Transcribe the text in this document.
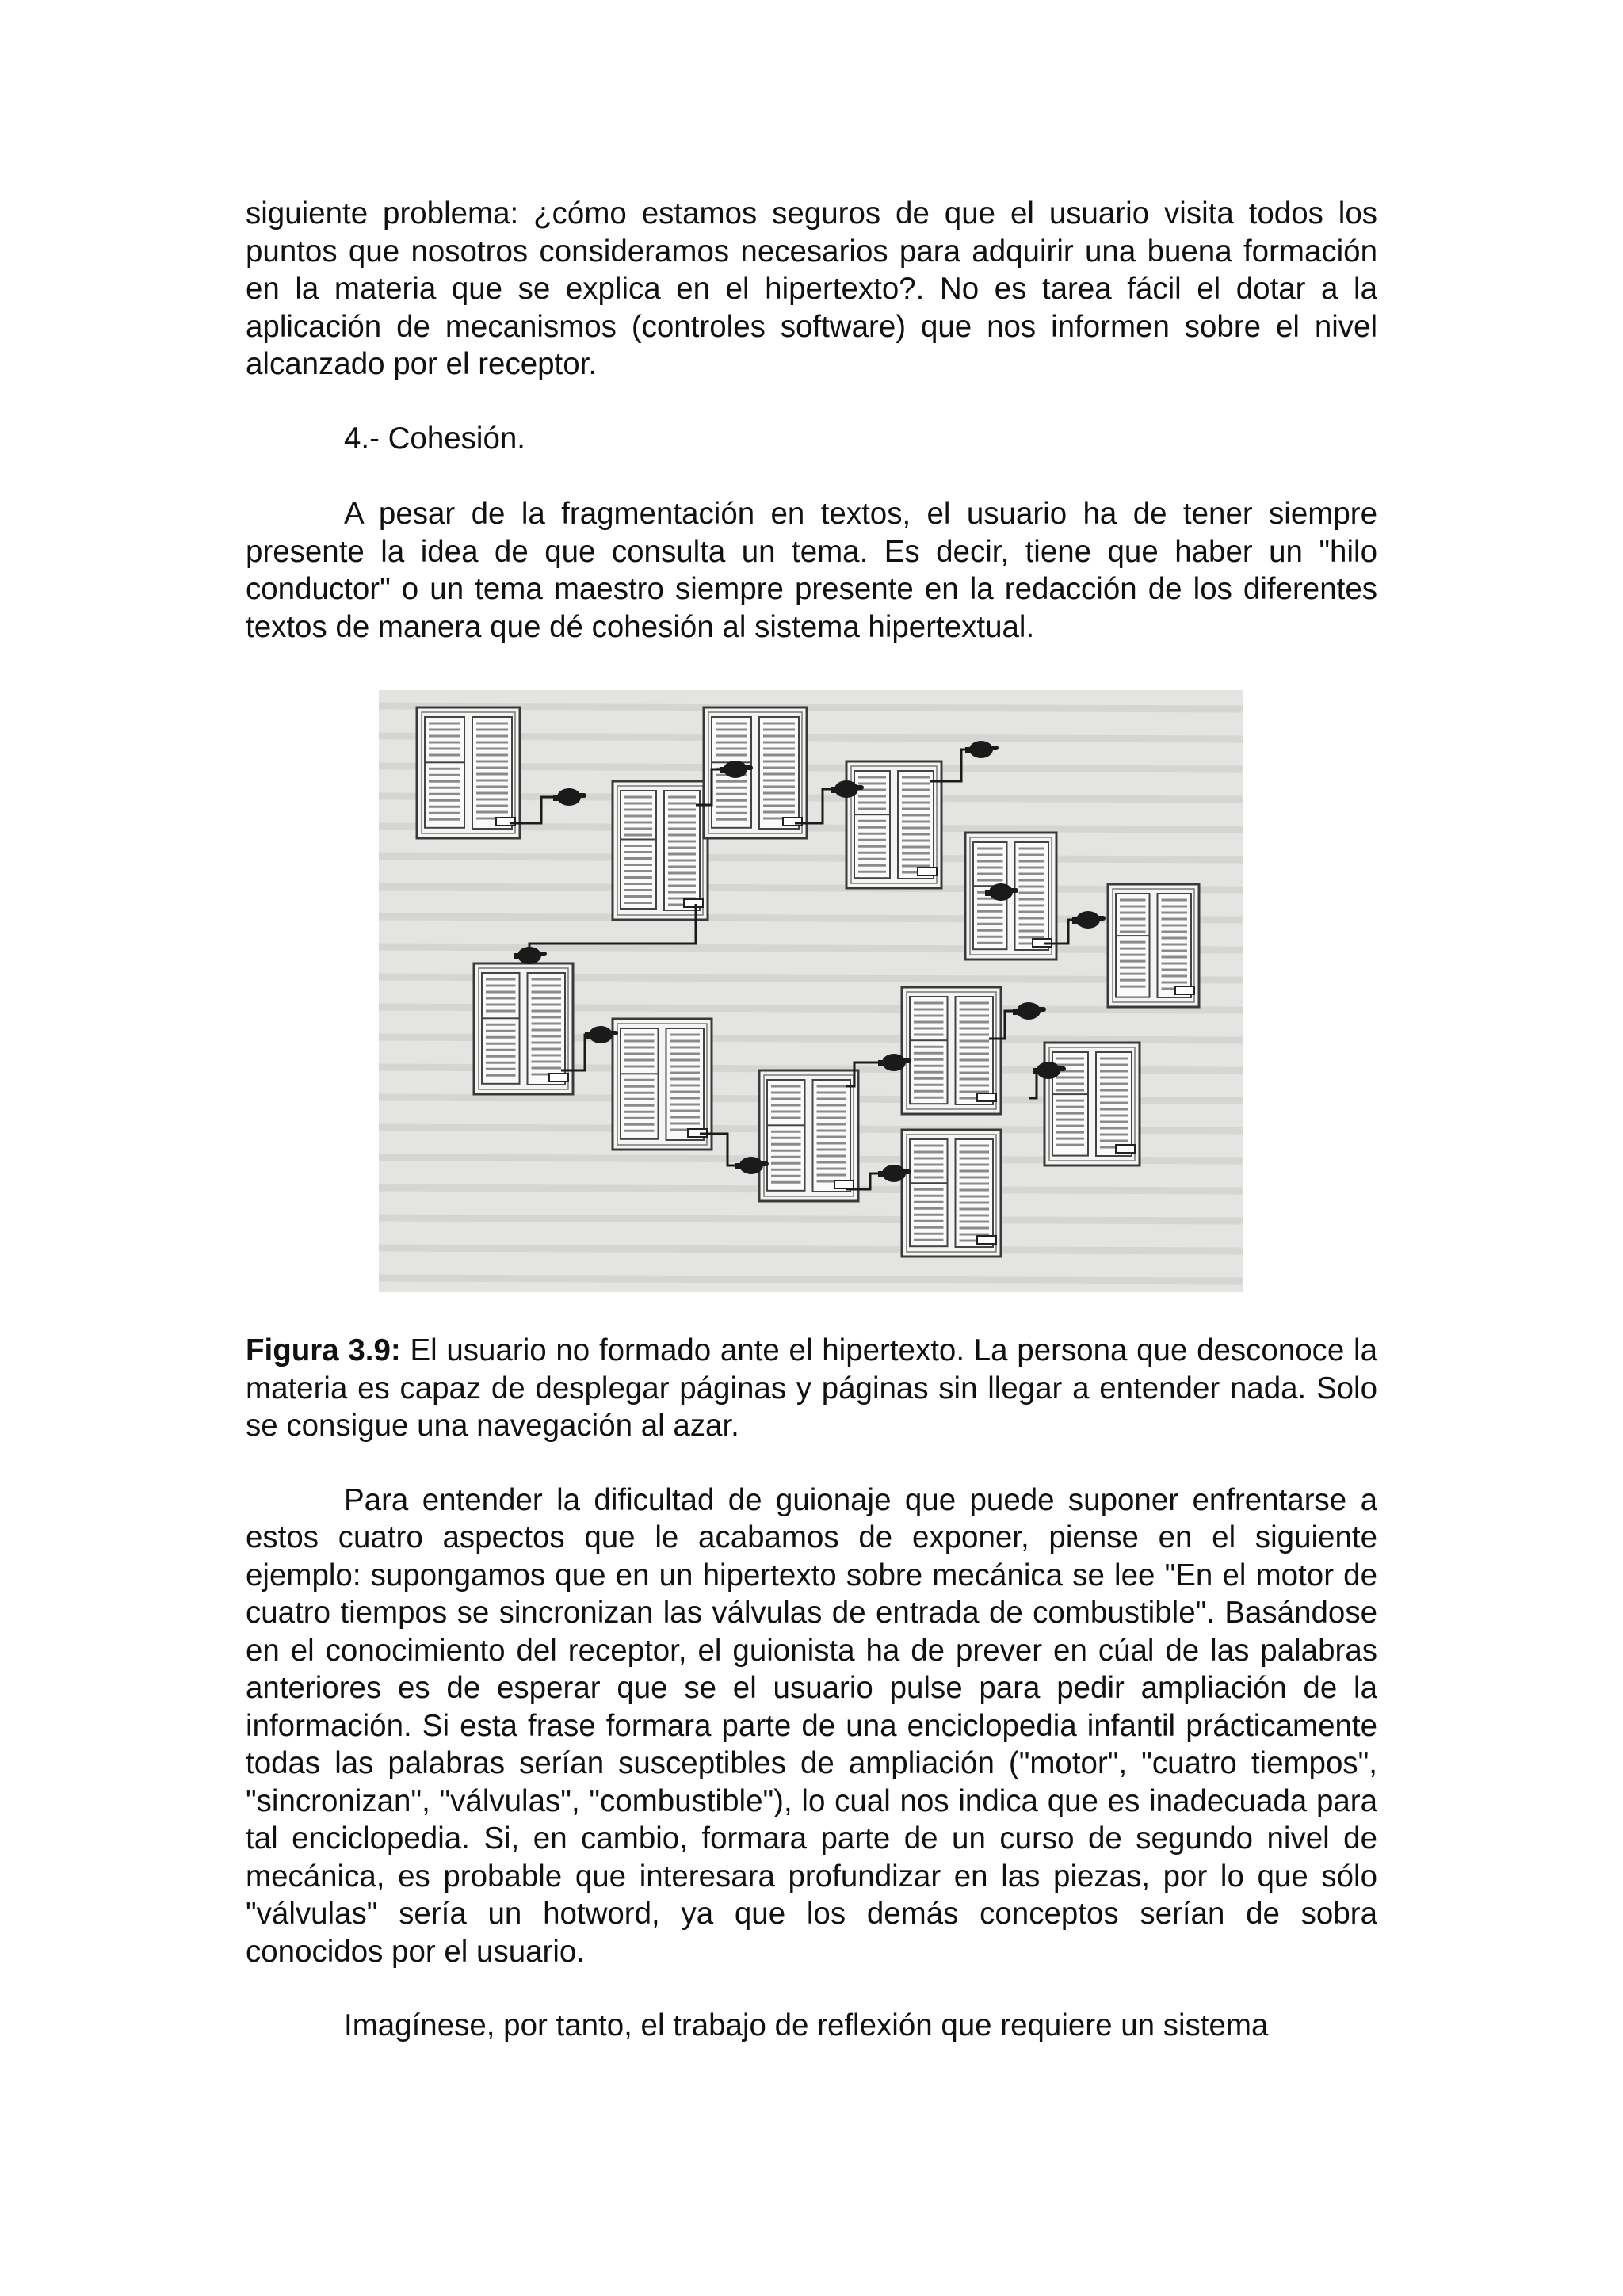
siguiente problema: ¿cómo estamos seguros de que el usuario visita todos los puntos que nosotros consideramos necesarios para adquirir una buena formación en la materia que se explica en el hipertexto?. No es tarea fácil el dotar a la aplicación de mecanismos (controles software) que nos informen sobre el nivel alcanzado por el receptor.

4.- Cohesión.

A pesar de la fragmentación en textos, el usuario ha de tener siempre presente la idea de que consulta un tema. Es decir, tiene que haber un "hilo conductor" o un tema maestro siempre presente en la redacción de los diferentes textos de manera que dé cohesión al sistema hipertextual.

Figura 3.9: El usuario no formado ante el hipertexto. La persona que desconoce la materia es capaz de desplegar páginas y páginas sin llegar a entender nada. Solo se consigue una navegación al azar.

Para entender la dificultad de guionaje que puede suponer enfrentarse a estos cuatro aspectos que le acabamos de exponer, piense en el siguiente ejemplo: supongamos que en un hipertexto sobre mecánica se lee "En el motor de cuatro tiempos se sincronizan las válvulas de entrada de combustible". Basándose en el conocimiento del receptor, el guionista ha de prever en cúal de las palabras anteriores es de esperar que se el usuario pulse para pedir ampliación de la información. Si esta frase formara parte de una enciclopedia infantil prácticamente todas las palabras serían susceptibles de ampliación ("motor", "cuatro tiempos", "sincronizan", "válvulas", "combustible"), lo cual nos indica que es inadecuada para tal enciclopedia. Si, en cambio, formara parte de un curso de segundo nivel de mecánica, es probable que interesara profundizar en las piezas, por lo que sólo "válvulas" sería un hotword, ya que los demás conceptos serían de sobra conocidos por el usuario.

Imagínese, por tanto, el trabajo de reflexión que requiere un sistema
